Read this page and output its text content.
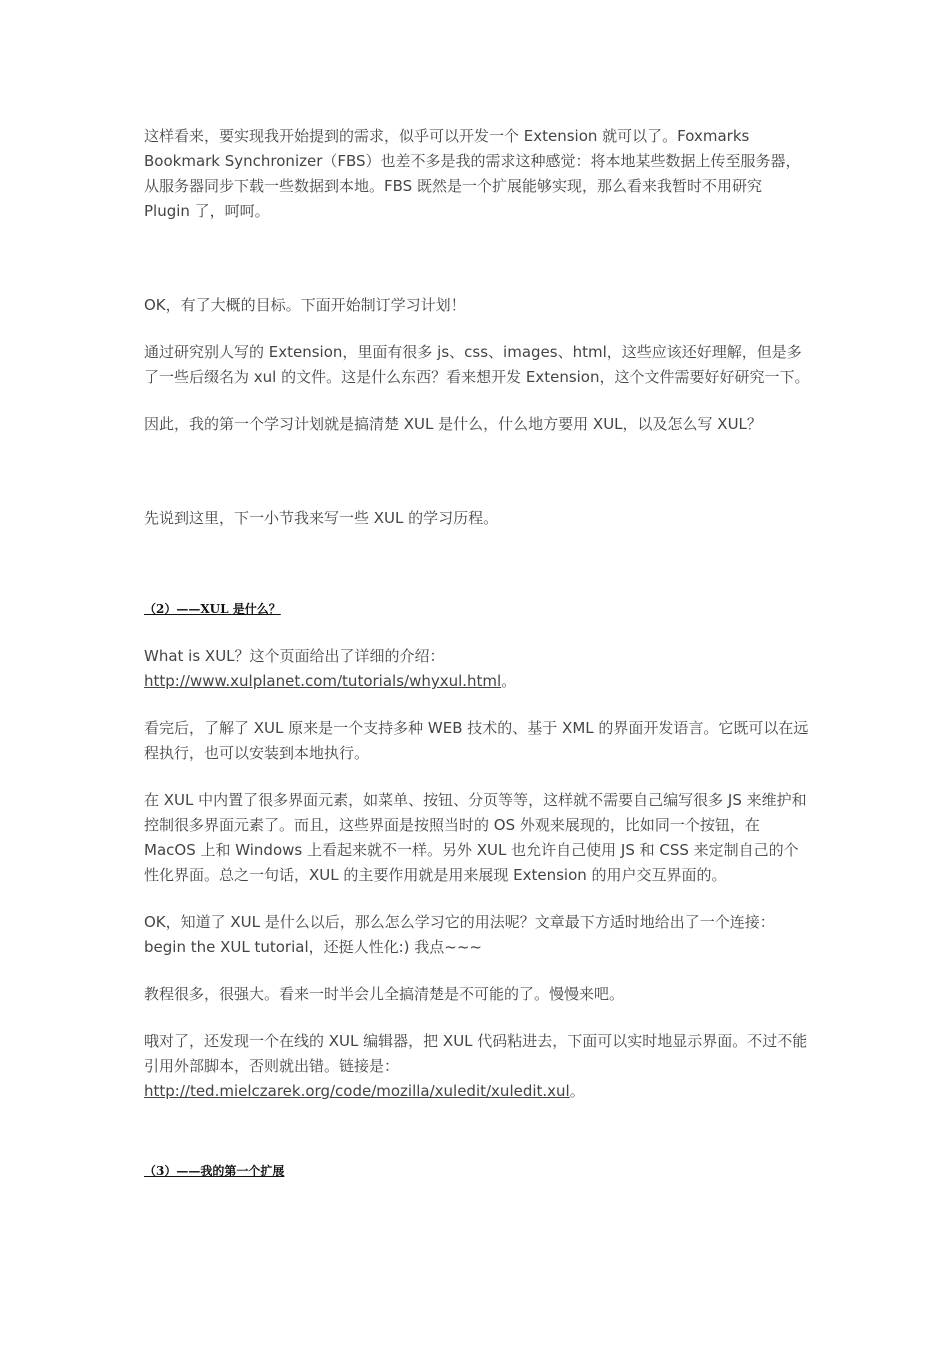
这样看来，要实现我开始提到的需求，似乎可以开发一个 Extension 就可以了。Foxmarks Bookmark Synchronizer（FBS）也差不多是我的需求这种感觉：将本地某些数据上传至服务器，从服务器同步下载一些数据到本地。FBS 既然是一个扩展能够实现，那么看来我暂时不用研究 Plugin 了，呵呵。

OK，有了大概的目标。下面开始制订学习计划！

通过研究别人写的 Extension，里面有很多 js、css、images、html，这些应该还好理解，但是多了一些后缀名为 xul 的文件。这是什么东西？看来想开发 Extension，这个文件需要好好研究一下。

因此，我的第一个学习计划就是搞清楚 XUL 是什么，什么地方要用 XUL，以及怎么写 XUL？

先说到这里，下一小节我来写一些 XUL 的学习历程。

（2）——XUL 是什么？

What is XUL？这个页面给出了详细的介绍：
http://www.xulplanet.com/tutorials/whyxul.html。

看完后，了解了 XUL 原来是一个支持多种 WEB 技术的、基于 XML 的界面开发语言。它既可以在远程执行，也可以安装到本地执行。

在 XUL 中内置了很多界面元素，如菜单、按钮、分页等等，这样就不需要自己编写很多 JS 来维护和控制很多界面元素了。而且，这些界面是按照当时的 OS 外观来展现的，比如同一个按钮，在 MacOS 上和 Windows 上看起来就不一样。另外 XUL 也允许自己使用 JS 和 CSS 来定制自己的个性化界面。总之一句话，XUL 的主要作用就是用来展现 Extension 的用户交互界面的。

OK，知道了 XUL 是什么以后，那么怎么学习它的用法呢？文章最下方适时地给出了一个连接：begin the XUL tutorial，还挺人性化:) 我点~~~

教程很多，很强大。看来一时半会儿全搞清楚是不可能的了。慢慢来吧。

哦对了，还发现一个在线的 XUL 编辑器，把 XUL 代码粘进去，下面可以实时地显示界面。不过不能引用外部脚本，否则就出错。链接是：
http://ted.mielczarek.org/code/mozilla/xuledit/xuledit.xul。

（3）——我的第一个扩展
